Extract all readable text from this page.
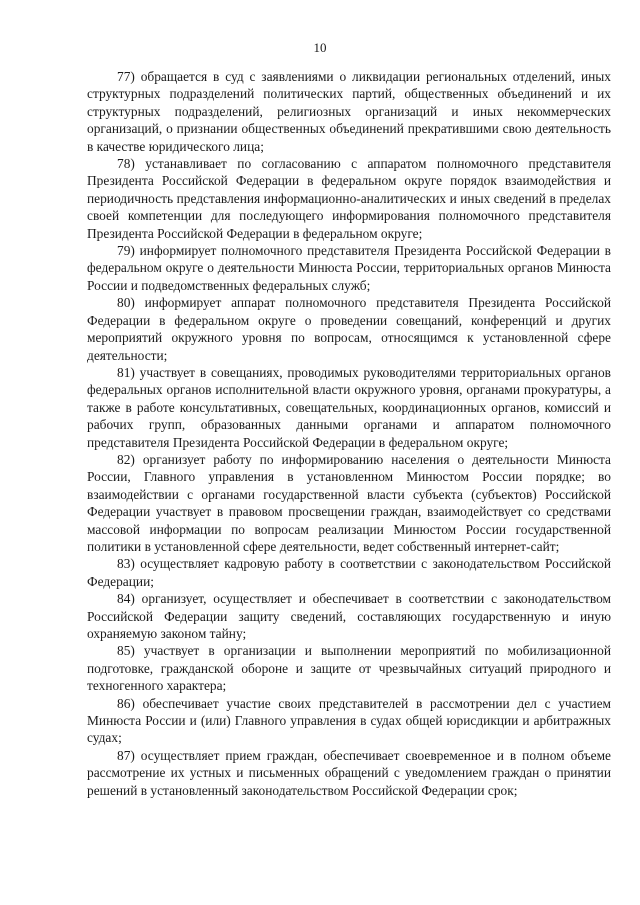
10

77) обращается в суд с заявлениями о ликвидации региональных отделений, иных структурных подразделений политических партий, общественных объединений и их структурных подразделений, религиозных организаций и иных некоммерческих организаций, о признании общественных объединений прекратившими свою деятельность в качестве юридического лица;

78) устанавливает по согласованию с аппаратом полномочного представителя Президента Российской Федерации в федеральном округе порядок взаимодействия и периодичность представления информационно-аналитических и иных сведений в пределах своей компетенции для последующего информирования полномочного представителя Президента Российской Федерации в федеральном округе;

79) информирует полномочного представителя Президента Российской Федерации в федеральном округе о деятельности Минюста России, территориальных органов Минюста России и подведомственных федеральных служб;

80) информирует аппарат полномочного представителя Президента Российской Федерации в федеральном округе о проведении совещаний, конференций и других мероприятий окружного уровня по вопросам, относящимся к установленной сфере деятельности;

81) участвует в совещаниях, проводимых руководителями территориальных органов федеральных органов исполнительной власти окружного уровня, органами прокуратуры, а также в работе консультативных, совещательных, координационных органов, комиссий и рабочих групп, образованных данными органами и аппаратом полномочного представителя Президента Российской Федерации в федеральном округе;

82) организует работу по информированию населения о деятельности Минюста России, Главного управления в установленном Минюстом России порядке; во взаимодействии с органами государственной власти субъекта (субъектов) Российской Федерации участвует в правовом просвещении граждан, взаимодействует со средствами массовой информации по вопросам реализации Минюстом России государственной политики в установленной сфере деятельности, ведет собственный интернет-сайт;

83) осуществляет кадровую работу в соответствии с законодательством Российской Федерации;

84) организует, осуществляет и обеспечивает в соответствии с законодательством Российской Федерации защиту сведений, составляющих государственную и иную охраняемую законом тайну;

85) участвует в организации и выполнении мероприятий по мобилизационной подготовке, гражданской обороне и защите от чрезвычайных ситуаций природного и техногенного характера;

86) обеспечивает участие своих представителей в рассмотрении дел с участием Минюста России и (или) Главного управления в судах общей юрисдикции и арбитражных судах;

87) осуществляет прием граждан, обеспечивает своевременное и в полном объеме рассмотрение их устных и письменных обращений с уведомлением граждан о принятии решений в установленный законодательством Российской Федерации срок;
